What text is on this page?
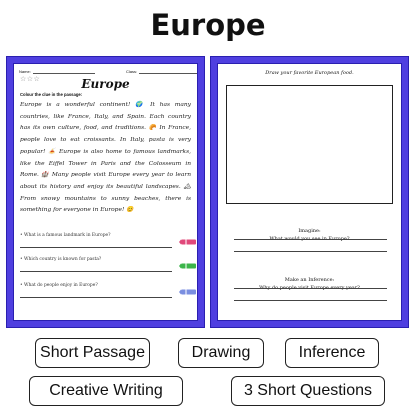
Europe
Name:	Class:
☆☆☆	Europe
Colour the clue in the passage:
Europe is a wonderful continent! 🌍 It has many countries, like France, Italy, and Spain. Each country has its own culture, food, and traditions. 🥐 In France, people love to eat croissants. In Italy, pasta is very popular! 🍝 Europe is also home to famous landmarks, like the Eiffel Tower in Paris and the Colosseum in Rome. 🏰 Many people visit Europe every year to learn about its history and enjoy its beautiful landscapes. 🏔 From snowy mountains to sunny beaches, there is something for everyone in Europe! 😊
• What is a famous landmark in Europe?
• Which country is known for pasta?
• What do people enjoy in Europe?
Draw your favorite European food.
Imagine:
What would you see in Europe?
Make an Inference:
Why do people visit Europe every year?
Short Passage	Drawing	Inference
Creative Writing	3 Short Questions
